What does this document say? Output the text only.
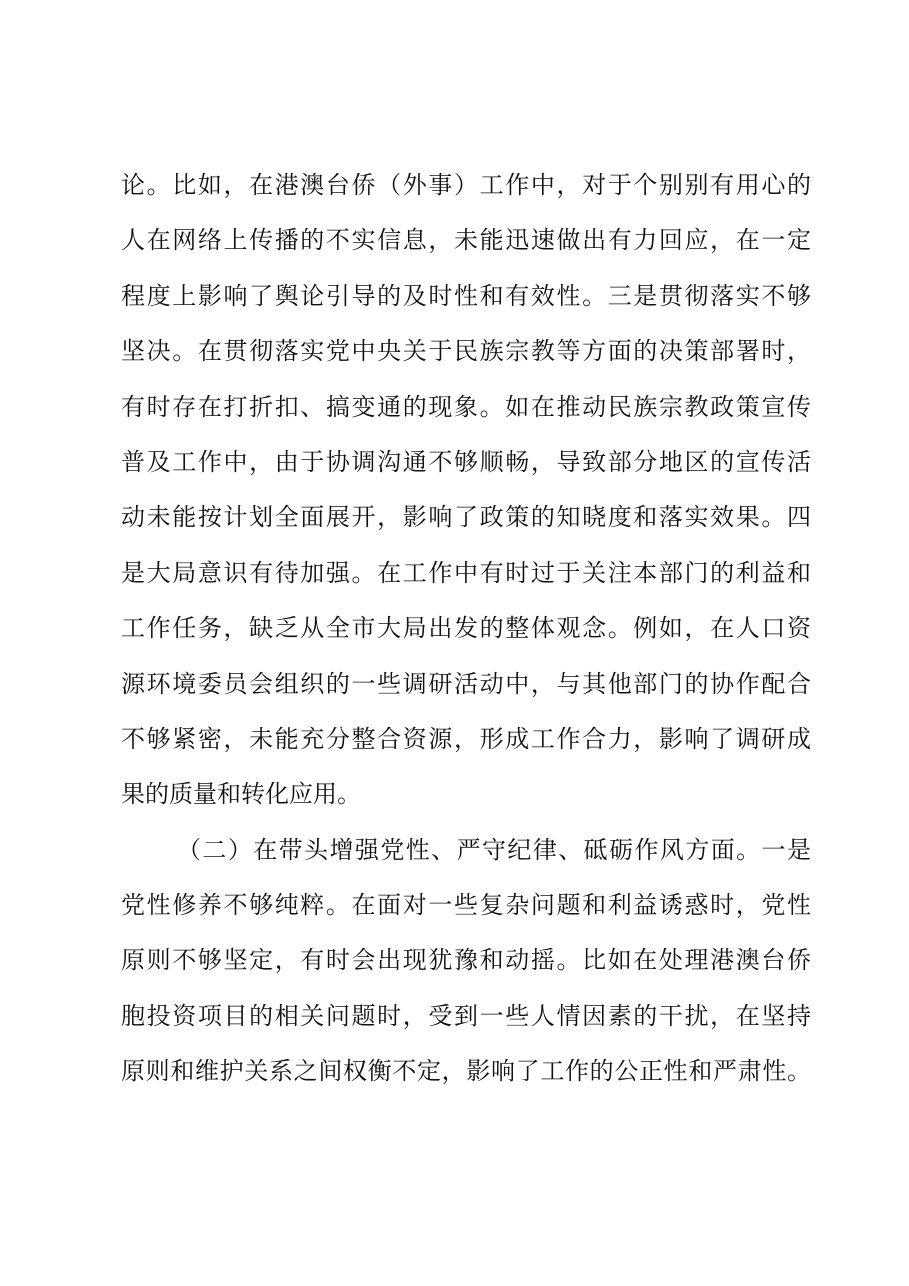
论。比如，在港澳台侨（外事）工作中，对于个别别有用心的

人在网络上传播的不实信息，未能迅速做出有力回应，在一定

程度上影响了舆论引导的及时性和有效性。三是贯彻落实不够

坚决。在贯彻落实党中央关于民族宗教等方面的决策部署时，

有时存在打折扣、搞变通的现象。如在推动民族宗教政策宣传

普及工作中，由于协调沟通不够顺畅，导致部分地区的宣传活

动未能按计划全面展开，影响了政策的知晓度和落实效果。四

是大局意识有待加强。在工作中有时过于关注本部门的利益和

工作任务，缺乏从全市大局出发的整体观念。例如，在人口资

源环境委员会组织的一些调研活动中，与其他部门的协作配合

不够紧密，未能充分整合资源，形成工作合力，影响了调研成

果的质量和转化应用。

（二）在带头增强党性、严守纪律、砥砺作风方面。一是

党性修养不够纯粹。在面对一些复杂问题和利益诱惑时，党性

原则不够坚定，有时会出现犹豫和动摇。比如在处理港澳台侨

胞投资项目的相关问题时，受到一些人情因素的干扰，在坚持

原则和维护关系之间权衡不定，影响了工作的公正性和严肃性。
